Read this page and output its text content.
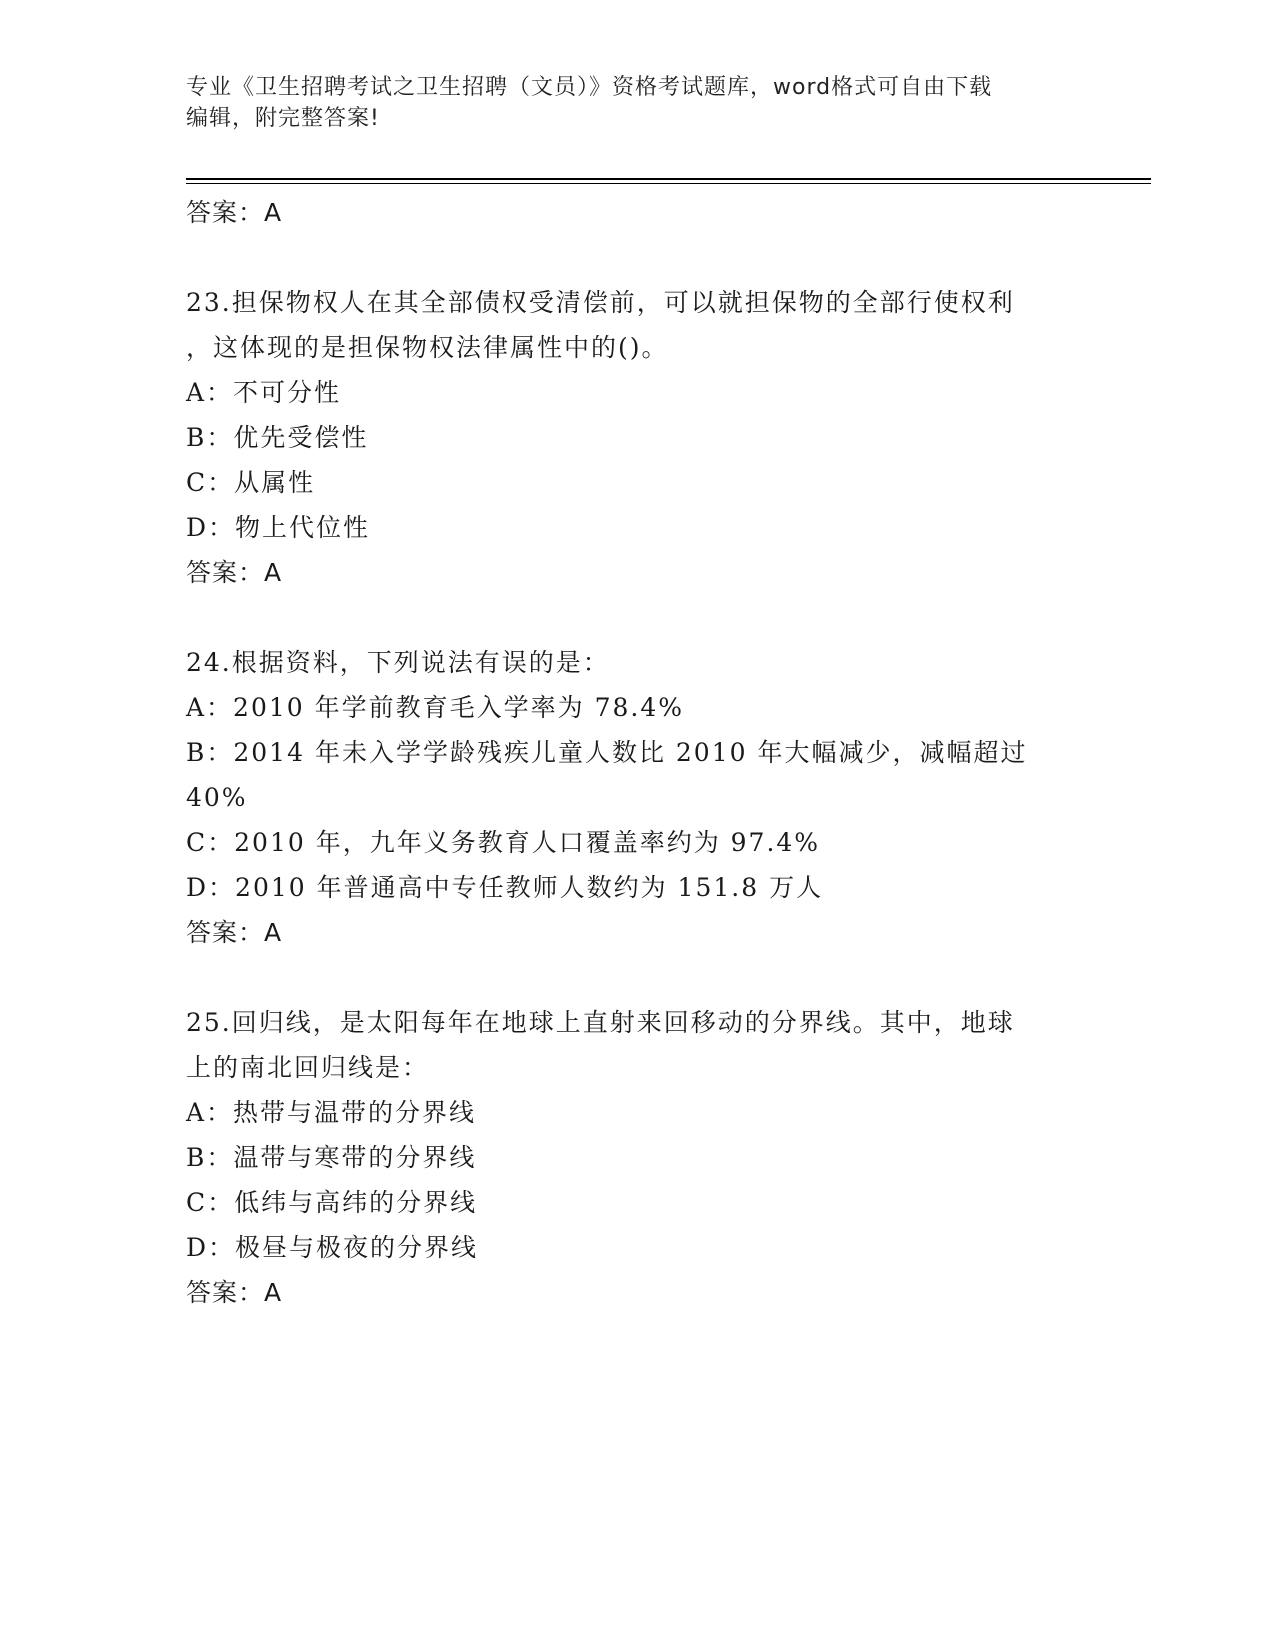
专业《卫生招聘考试之卫生招聘（文员）》资格考试题库，word格式可自由下载
编辑，附完整答案!
答案：A
23.担保物权人在其全部债权受清偿前，可以就担保物的全部行使权利
，这体现的是担保物权法律属性中的()。
A：不可分性
B：优先受偿性
C：从属性
D：物上代位性
答案：A
24.根据资料，下列说法有误的是：
A：2010 年学前教育毛入学率为 78.4%
B：2014 年未入学学龄残疾儿童人数比 2010 年大幅减少，减幅超过
40%
C：2010 年，九年义务教育人口覆盖率约为 97.4%
D：2010 年普通高中专任教师人数约为 151.8 万人
答案：A
25.回归线，是太阳每年在地球上直射来回移动的分界线。其中，地球
上的南北回归线是：
A：热带与温带的分界线
B：温带与寒带的分界线
C：低纬与高纬的分界线
D：极昼与极夜的分界线
答案：A
